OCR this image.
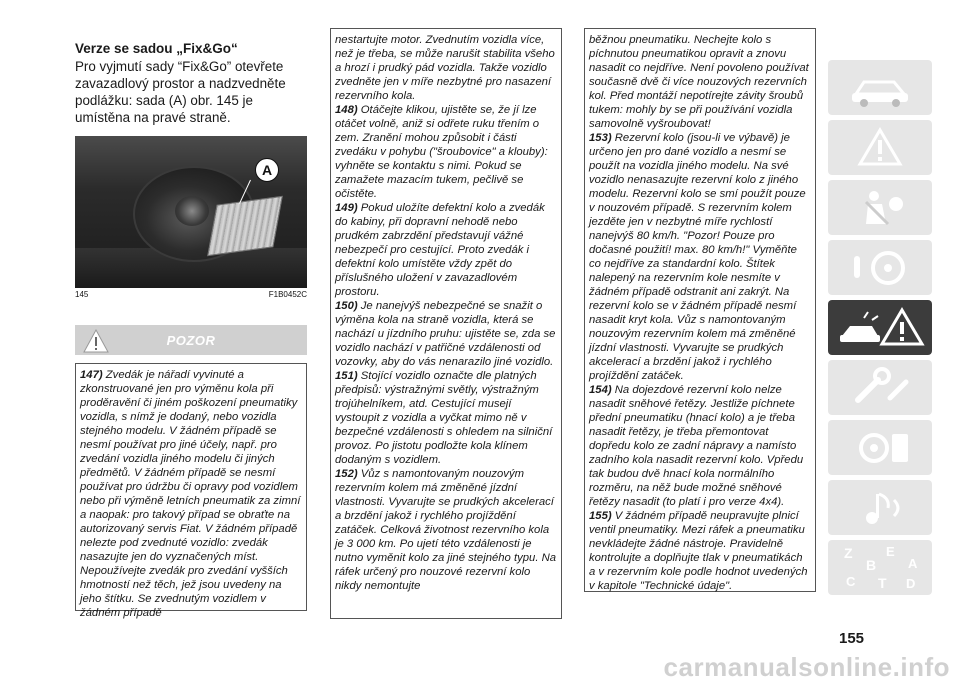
Verze se sadou „Fix&Go“

Pro vyjmutí sady “Fix&Go” otevřete zavazadlový prostor a nadzvedněte podlážku: sada (A) obr. 145 je umístěna na pravé straně.

A
145	F1B0452C
POZOR

147) Zvedák je nářadí vyvinuté a zkonstruované jen pro výměnu kola při proděravění či jiném poškození pneumatiky vozidla, s nímž je dodaný, nebo vozidla stejného modelu. V žádném případě se nesmí používat pro jiné účely, např. pro zvedání vozidla jiného modelu či jiných předmětů. V žádném případě se nesmí používat pro údržbu či opravy pod vozidlem nebo při výměně letních pneumatik za zimní a naopak: pro takový případ se obraťte na autorizovaný servis Fiat. V žádném případě nelezte pod zvednuté vozidlo: zvedák nasazujte jen do vyznačených míst. Nepoužívejte zvedák pro zvedání vyšších hmotností než těch, jež jsou uvedeny na jeho štítku. Se zvednutým vozidlem v žádném případě

nestartujte motor. Zvednutím vozidla více, než je třeba, se může narušit stabilita všeho a hrozí i prudký pád vozidla. Takže vozidlo zvedněte jen v míře nezbytné pro nasazení rezervního kola.

148) Otáčejte klikou, ujistěte se, že jí lze otáčet volně, aniž si odřete ruku třením o zem. Zranění mohou způsobit i části zvedáku v pohybu ("šroubovice" a klouby): vyhněte se kontaktu s nimi. Pokud se zamažete mazacím tukem, pečlivě se očistěte.

149) Pokud uložíte defektní kolo a zvedák do kabiny, při dopravní nehodě nebo prudkém zabrzdění představují vážné nebezpečí pro cestující. Proto zvedák i defektní kolo umístěte vždy zpět do příslušného uložení v zavazadlovém prostoru.

150) Je nanejvýš nebezpečné se snažit o výměna kola na straně vozidla, která se nachází u jízdního pruhu: ujistěte se, zda se vozidlo nachází v patřičné vzdálenosti od vozovky, aby do vás nenarazilo jiné vozidlo.

151) Stojící vozidlo označte dle platných předpisů: výstražnými světly, výstražným trojúhelníkem, atd. Cestující musejí vystoupit z vozidla a vyčkat mimo ně v bezpečné vzdálenosti s ohledem na silniční provoz. Po jistotu podložte kola klínem dodaným s vozidlem.

152) Vůz s namontovaným nouzovým rezervním kolem má změněné jízdní vlastnosti. Vyvarujte se prudkých akcelerací a brzdění jakož i rychlého projíždění zatáček. Celková životnost rezervního kola je 3 000 km. Po ujetí této vzdálenosti je nutno vyměnit kolo za jiné stejného typu. Na ráfek určený pro nouzové rezervní kolo nikdy nemontujte

běžnou pneumatiku. Nechejte kolo s píchnutou pneumatikou opravit a znovu nasadit co nejdříve. Není povoleno používat současně dvě či více nouzových rezervních kol. Před montáží nepotírejte závity šroubů tukem: mohly by se při používání vozidla samovolně vyšroubovat!

153) Rezervní kolo (jsou-li ve výbavě) je určeno jen pro dané vozidlo a nesmí se použít na vozidla jiného modelu. Na své vozidlo nenasazujte rezervní kolo z jiného modelu. Rezervní kolo se smí použít pouze v nouzovém případě. S rezervním kolem jezděte jen v nezbytné míře rychlostí nanejvýš 80 km/h. "Pozor! Pouze pro dočasné použití! max. 80 km/h!" Vyměňte co nejdříve za standardní kolo. Štítek nalepený na rezervním kole nesmíte v žádném případě odstranit ani zakrýt. Na rezervní kolo se v žádném případě nesmí nasadit kryt kola. Vůz s namontovaným nouzovým rezervním kolem má změněné jízdní vlastnosti. Vyvarujte se prudkých akcelerací a brzdění jakož i rychlého projíždění zatáček.

154) Na dojezdové rezervní kolo nelze nasadit sněhové řetězy. Jestliže píchnete přední pneumatiku (hnací kolo) a je třeba nasadit řetězy, je třeba přemontovat dopředu kolo ze zadní nápravy a namísto zadního kola nasadit rezervní kolo. Vpředu tak budou dvě hnací kola normálního rozměru, na něž bude možné sněhové řetězy nasadit (to platí i pro verze 4x4).

155) V žádném případě neupravujte plnicí ventil pneumatiky. Mezi ráfek a pneumatiku nevkládejte žádné nástroje. Pravidelně kontrolujte a doplňujte tlak v pneumatikách a v rezervním kole podle hodnot uvedených v kapitole "Technické údaje".

Z	E
B A
C T D
155
carmanualsonline.info
